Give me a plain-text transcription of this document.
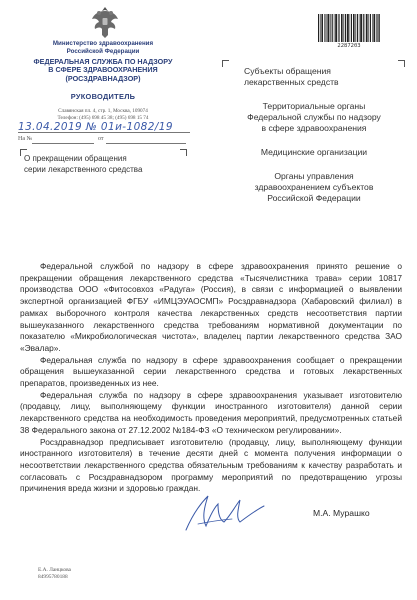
Министерство здравоохранения
Российской Федерации
ФЕДЕРАЛЬНАЯ СЛУЖБА ПО НАДЗОРУ
В СФЕРЕ ЗДРАВООХРАНЕНИЯ
(РОСЗДРАВНАДЗОР)
РУКОВОДИТЕЛЬ
Славянская пл. 4, стр. 1, Москва, 109074
Телефон: (495) 698 45 38; (495) 698 15 74
13.04.2019 № 01и-1082/19
На №	от
О прекращении обращения
серии лекарственного средства
2287203
Субъекты обращения
лекарственных средств
Территориальные органы
Федеральной службы по надзору
в сфере здравоохранения
Медицинские организации
Органы управления
здравоохранением субъектов
Российской Федерации

Федеральной службой по надзору в сфере здравоохранения принято решение о прекращении обращения лекарственного средства «Тысячелистника трава» серии 10817 производства ООО «Фитосовхоз «Радуга» (Россия), в связи с информацией о выявлении экспертной организацией ФГБУ «ИМЦЭУАОСМП» Росздравнадзора (Хабаровский филиал) в рамках выборочного контроля качества лекарственных средств несоответствия партии вышеуказанного лекарственного средства требованиям нормативной документации по показателю «Микробиологическая чистота», владелец партии лекарственного средства ЗАО «Эвалар».

Федеральная служба по надзору в сфере здравоохранения сообщает о прекращении обращения вышеуказанной серии лекарственного средства и готовых лекарственных препаратов, произведенных из нее.

Федеральная служба по надзору в сфере здравоохранения указывает изготовителю (продавцу, лицу, выполняющему функции иностранного изготовителя) данной серии лекарственного средства на необходимость проведения мероприятий, предусмотренных статьей 38 Федерального закона от 27.12.2002 №184-ФЗ «О техническом регулировании».

Росздравнадзор предписывает изготовителю (продавцу, лицу, выполняющему функции иностранного изготовителя) в течение десяти дней с момента получения информации о несоответствии лекарственного средства обязательным требованиям к качеству разработать и согласовать с Росздравнадзором программу мероприятий по предотвращению угрозы причинения вреда жизни и здоровью граждан.

М.А. Мурашко
Е.А. Ланцкова
84995780188
